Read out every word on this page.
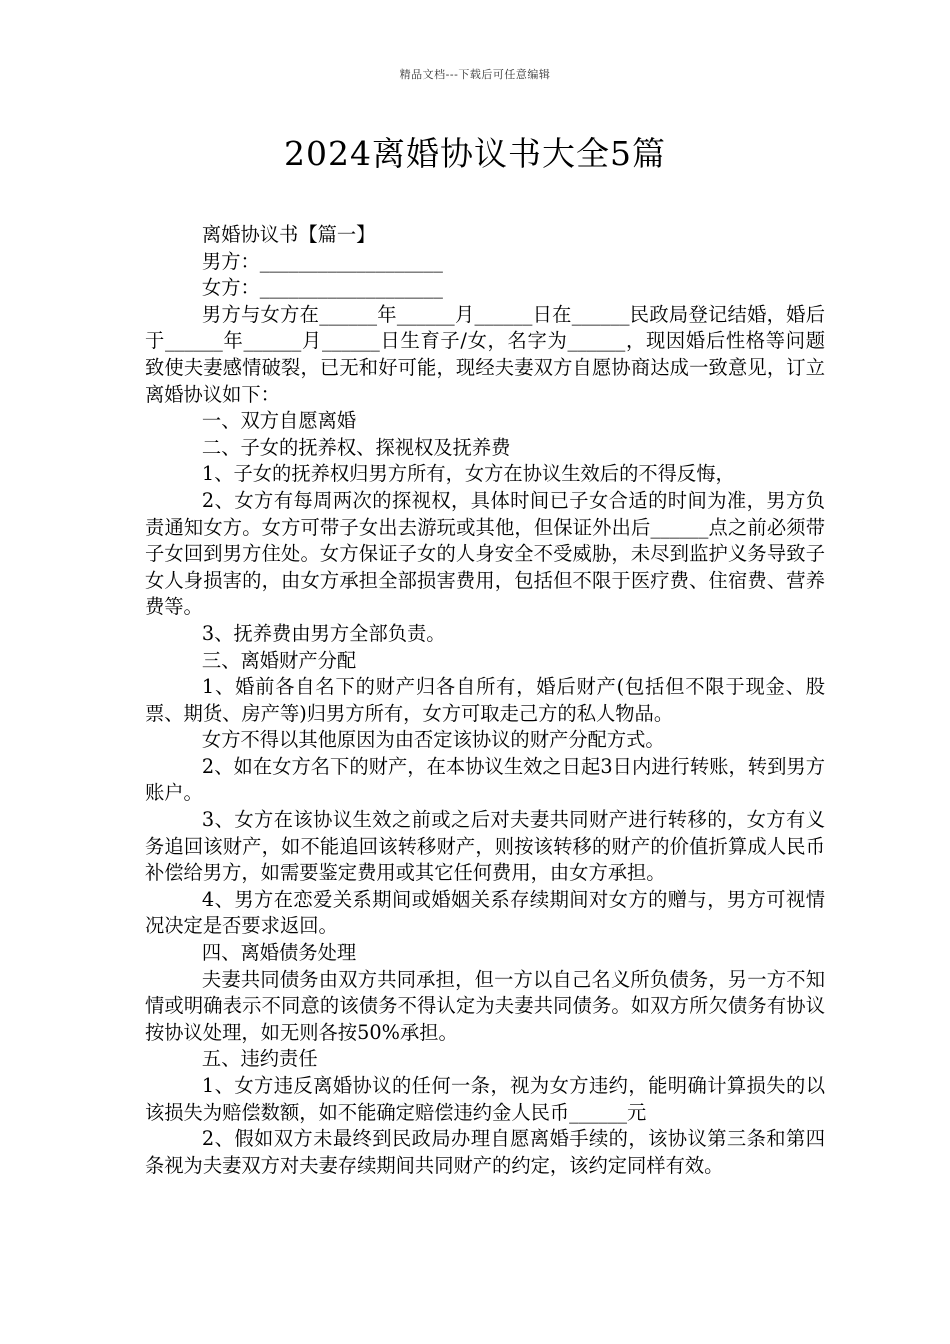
精品文档---下载后可任意编辑
2024离婚协议书大全5篇

离婚协议书【篇一】

男方：___________________

女方：___________________

男方与女方在______年______月______日在______民政局登记结婚，婚后于______年______月______日生育子/女，名字为______，现因婚后性格等问题致使夫妻感情破裂，已无和好可能，现经夫妻双方自愿协商达成一致意见，订立离婚协议如下：

一、双方自愿离婚

二、子女的抚养权、探视权及抚养费

1、子女的抚养权归男方所有，女方在协议生效后的不得反悔，

2、女方有每周两次的探视权，具体时间已子女合适的时间为准，男方负责通知女方。女方可带子女出去游玩或其他，但保证外出后______点之前必须带子女回到男方住处。女方保证子女的人身安全不受威胁，未尽到监护义务导致子女人身损害的，由女方承担全部损害费用，包括但不限于医疗费、住宿费、营养费等。

3、抚养费由男方全部负责。

三、离婚财产分配

1、婚前各自名下的财产归各自所有，婚后财产(包括但不限于现金、股票、期货、房产等)归男方所有，女方可取走己方的私人物品。

女方不得以其他原因为由否定该协议的财产分配方式。

2、如在女方名下的财产，在本协议生效之日起3日内进行转账，转到男方账户。

3、女方在该协议生效之前或之后对夫妻共同财产进行转移的，女方有义务追回该财产，如不能追回该转移财产，则按该转移的财产的价值折算成人民币补偿给男方，如需要鉴定费用或其它任何费用，由女方承担。

4、男方在恋爱关系期间或婚姻关系存续期间对女方的赠与，男方可视情况决定是否要求返回。

四、离婚债务处理

夫妻共同债务由双方共同承担，但一方以自己名义所负债务，另一方不知情或明确表示不同意的该债务不得认定为夫妻共同债务。如双方所欠债务有协议按协议处理，如无则各按50%承担。

五、违约责任

1、女方违反离婚协议的任何一条，视为女方违约，能明确计算损失的以该损失为赔偿数额，如不能确定赔偿违约金人民币______元

2、假如双方未最终到民政局办理自愿离婚手续的，该协议第三条和第四条视为夫妻双方对夫妻存续期间共同财产的约定，该约定同样有效。
